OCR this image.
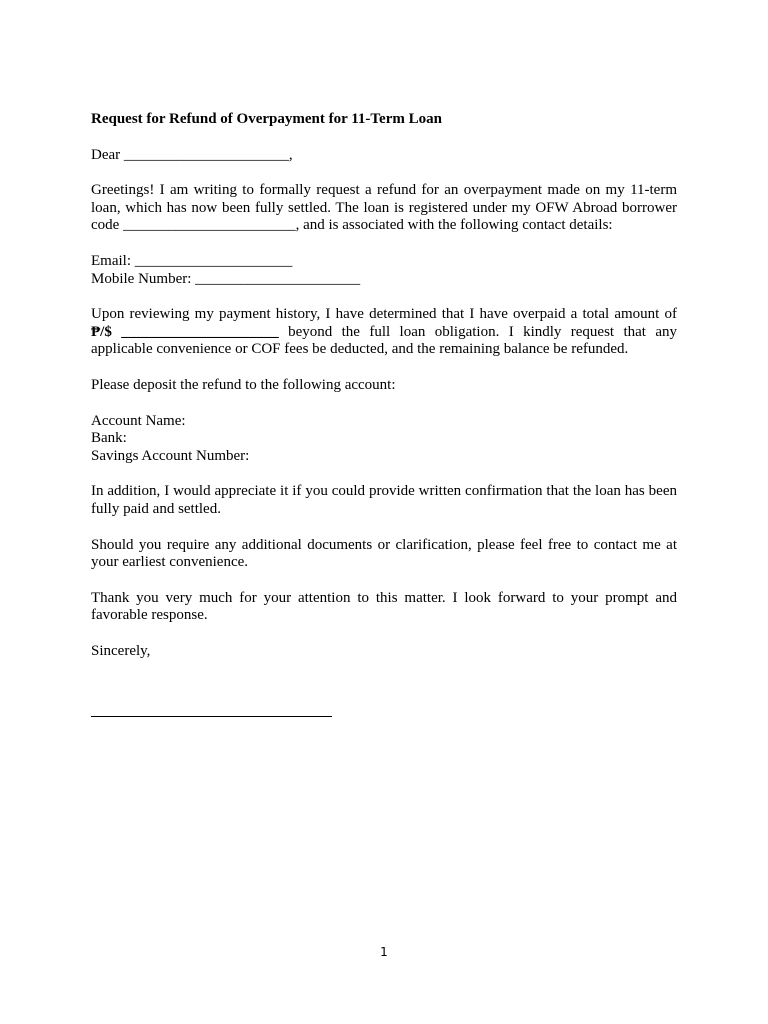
Request for Refund of Overpayment for 11-Term Loan

Dear ______________________,

Greetings! I am writing to formally request a refund for an overpayment made on my 11-term loan, which has now been fully settled. The loan is registered under my OFW Abroad borrower code _______________________, and is associated with the following contact details:

Email: _____________________
Mobile Number: ______________________

Upon reviewing my payment history, I have determined that I have overpaid a total amount of ₱/$ _____________________ beyond the full loan obligation. I kindly request that any applicable convenience or COF fees be deducted, and the remaining balance be refunded.

Please deposit the refund to the following account:

Account Name:
Bank:
Savings Account Number:

In addition, I would appreciate it if you could provide written confirmation that the loan has been fully paid and settled.

Should you require any additional documents or clarification, please feel free to contact me at your earliest convenience.

Thank you very much for your attention to this matter. I look forward to your prompt and favorable response.

Sincerely,

1
